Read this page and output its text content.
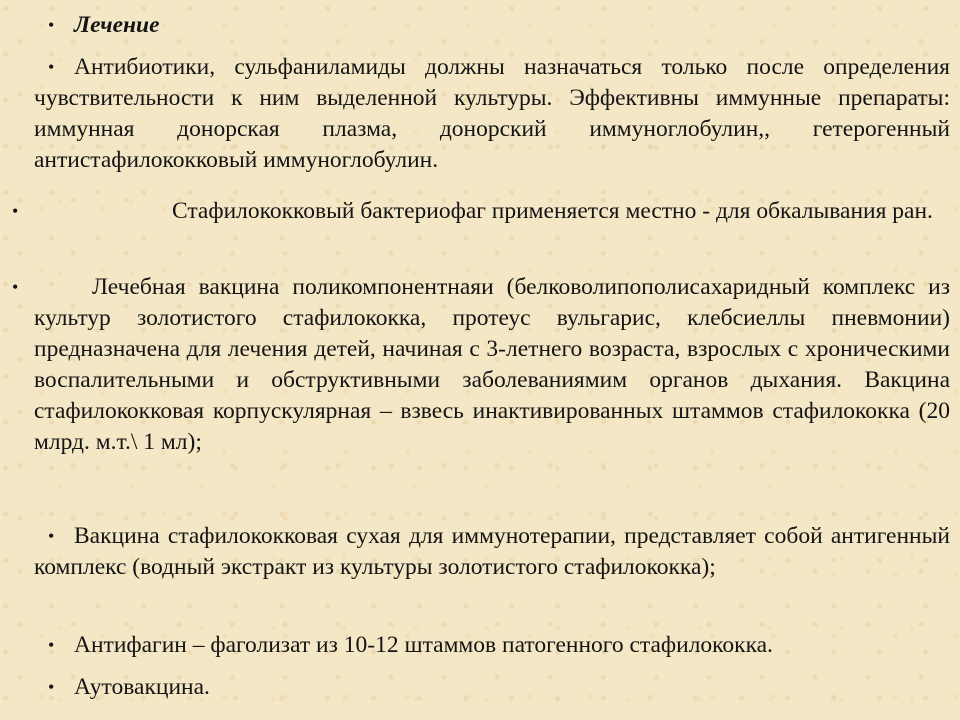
• Лечение
• Антибиотики, сульфаниламиды должны назначаться только после определения чувствительности к ним выделенной культуры. Эффективны иммунные препараты: иммунная донорская плазма, донорский иммуноглобулин,, гетерогенный антистафилококковый иммуноглобулин.
•	Стафилококковый бактериофаг применяется местно - для обкалывания ран.
•	Лечебная вакцина поликомпонентнаяи (белковолипополисахаридный комплекс из культур золотистого стафилококка, протеус вульгарис, клебсиеллы пневмонии) предназначена для лечения детей, начиная с 3-летнего возраста, взрослых с хроническими воспалительными и обструктивными заболеваниямим органов дыхания. Вакцина стафилококковая корпускулярная – взвесь инактивированных штаммов стафилококка (20 млрд. м.т.\ 1 мл);
• Вакцина стафилококковая сухая для иммунотерапии, представляет собой антигенный комплекс (водный экстракт из культуры золотистого стафилококка);
• Антифагин – фаголизат из 10-12 штаммов патогенного стафилококка.
• Аутовакцина.
